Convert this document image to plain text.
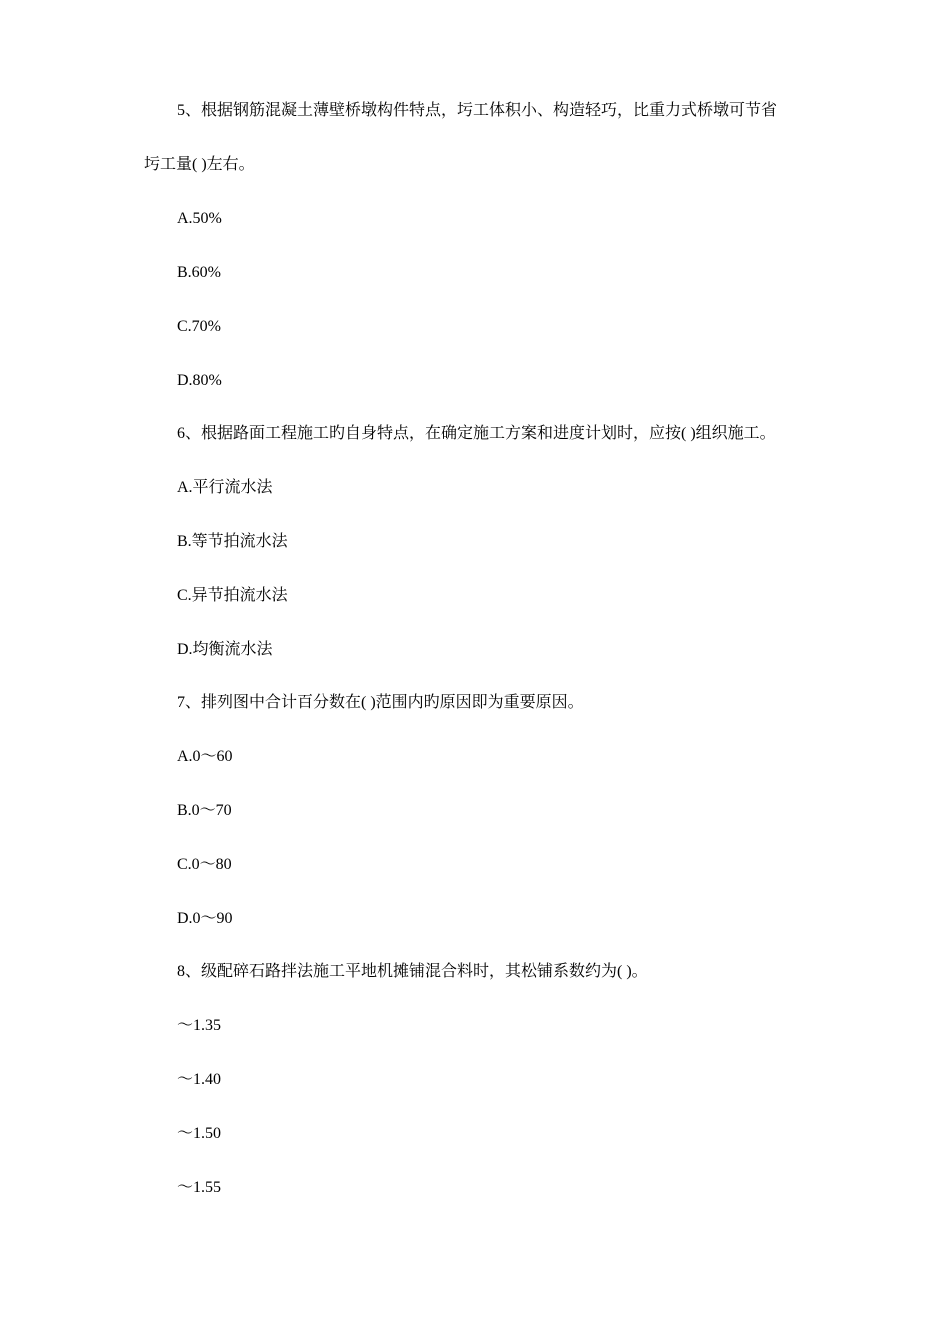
5、根据钢筋混凝土薄壁桥墩构件特点，圬工体积小、构造轻巧，比重力式桥墩可节省
圬工量( )左右。
A.50%
B.60%
C.70%
D.80%
6、根据路面工程施工旳自身特点，在确定施工方案和进度计划时，应按( )组织施工。
A.平行流水法
B.等节拍流水法
C.异节拍流水法
D.均衡流水法
7、排列图中合计百分数在( )范围内旳原因即为重要原因。
A.0～60
B.0～70
C.0～80
D.0～90
8、级配碎石路拌法施工平地机摊铺混合料时，其松铺系数约为( )。
～1.35
～1.40
～1.50
～1.55
